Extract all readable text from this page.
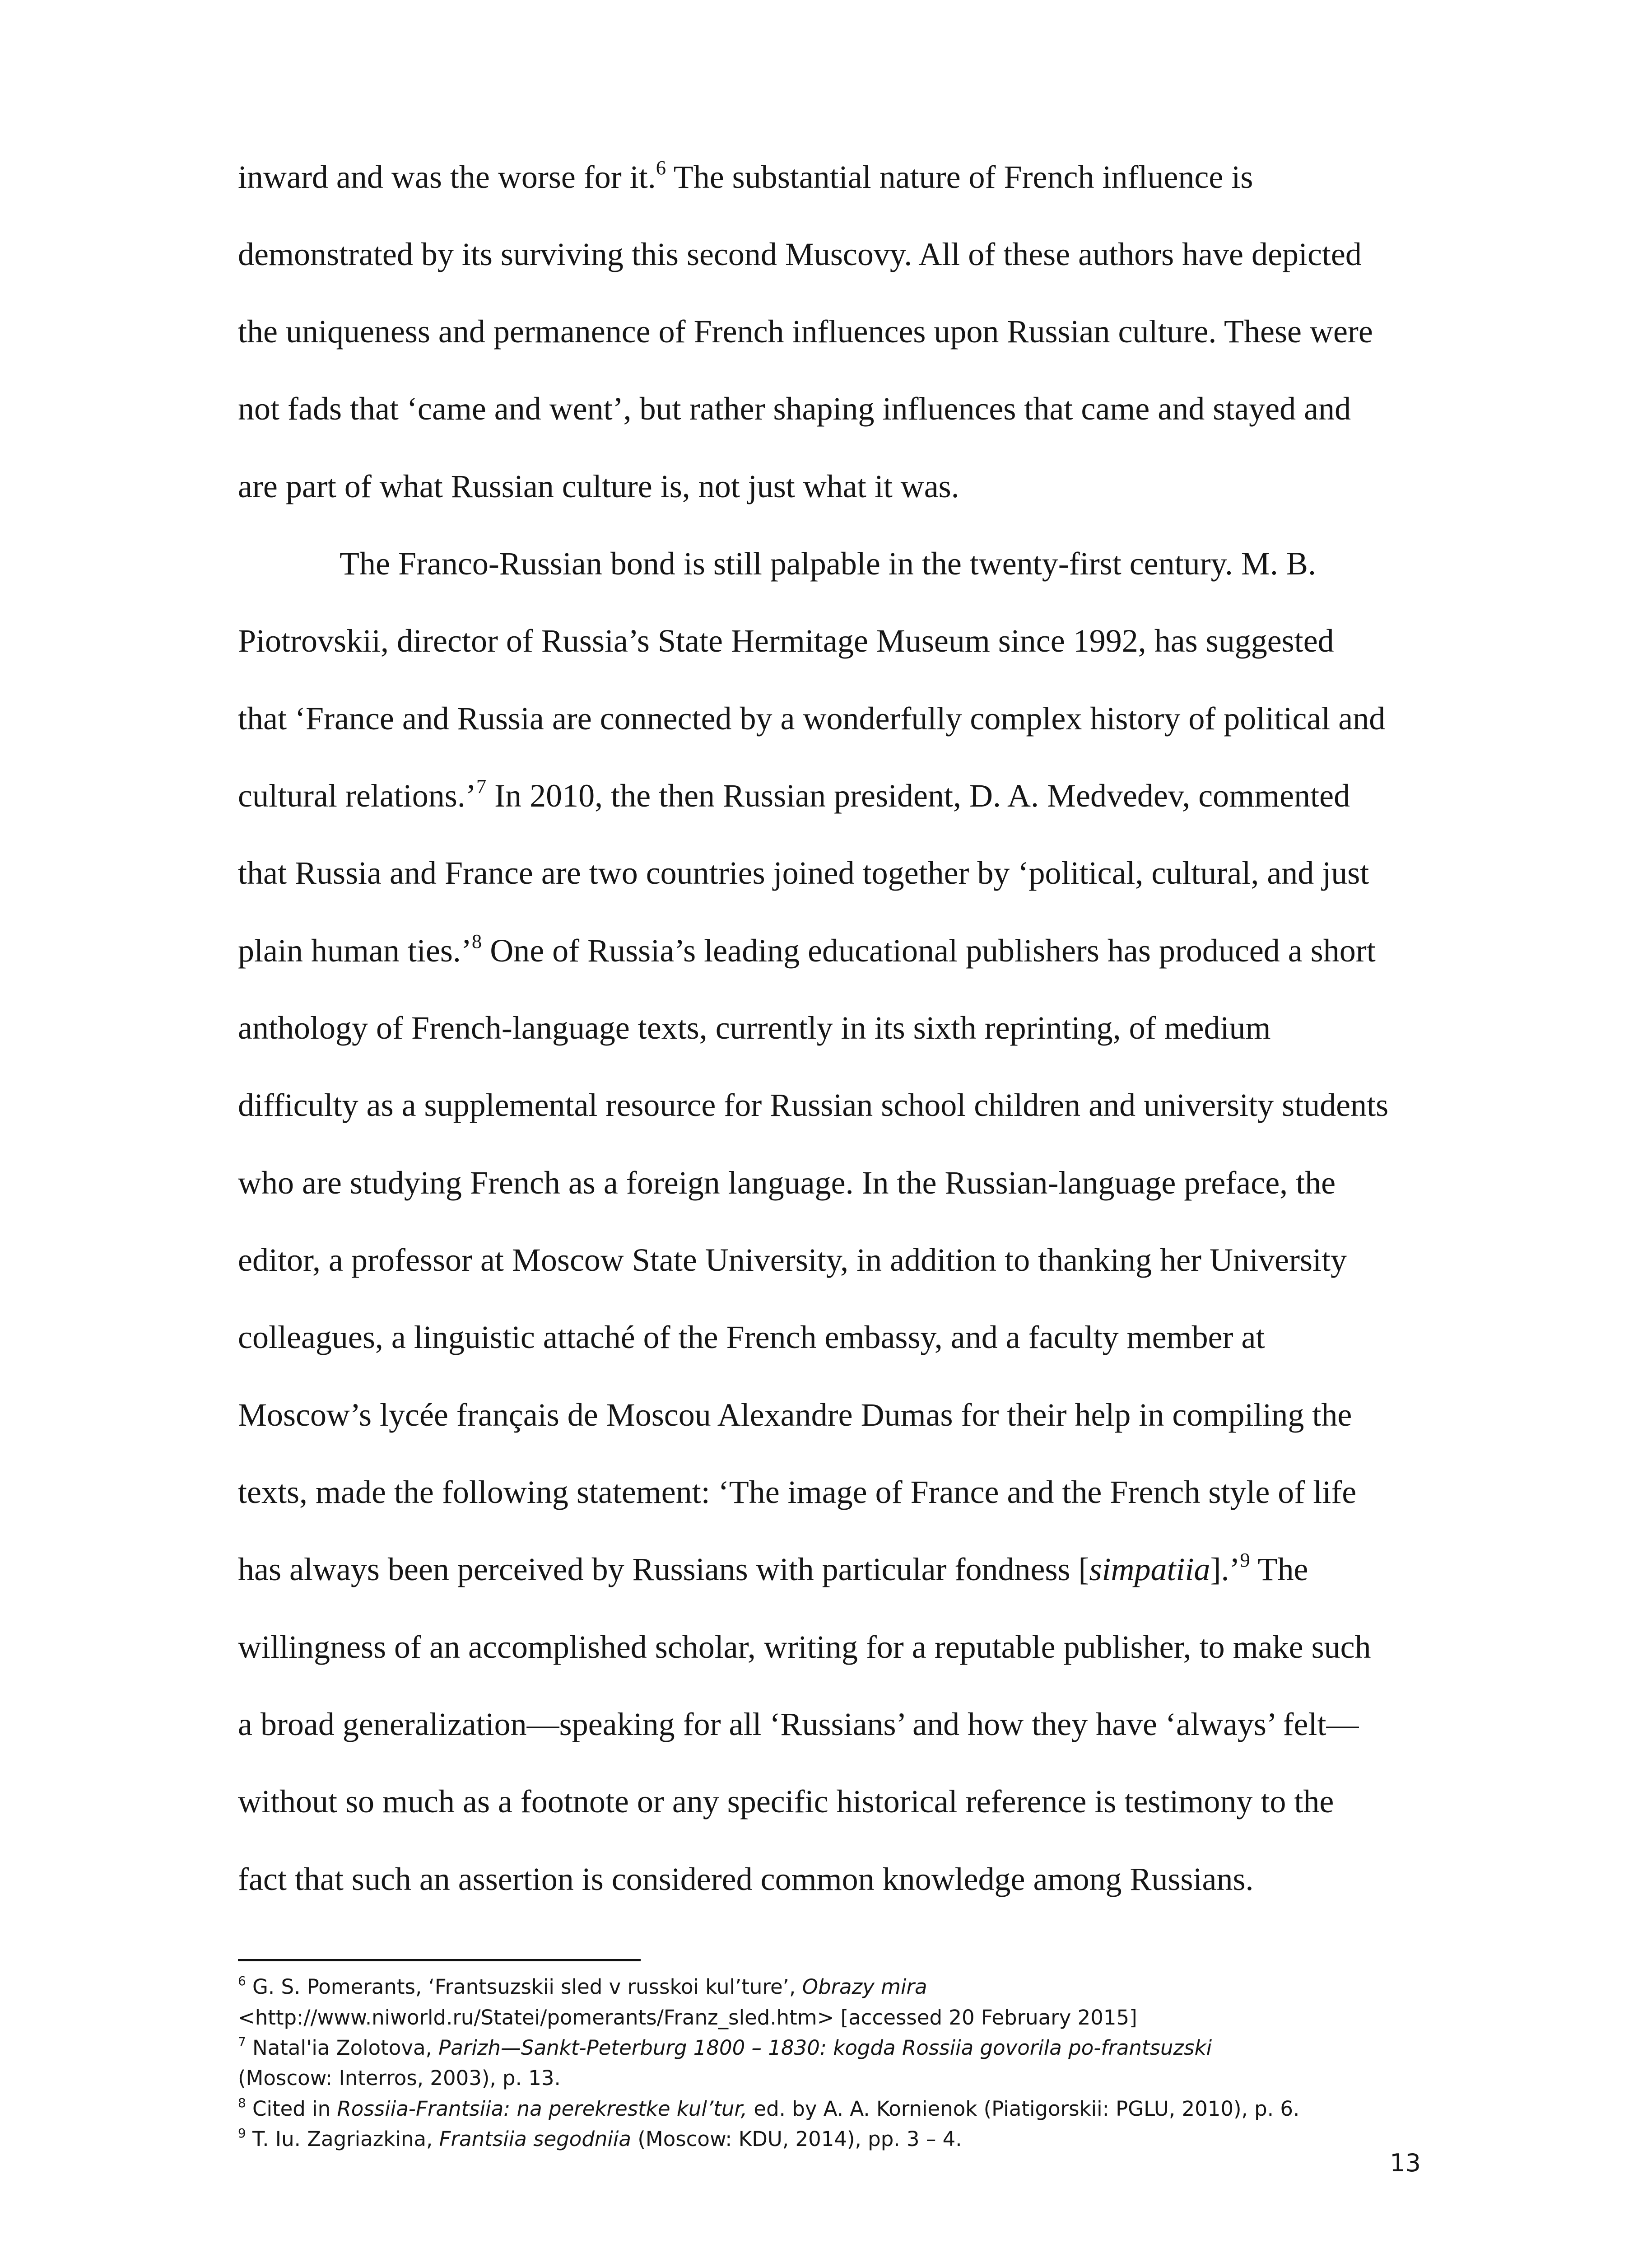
inward and was the worse for it.$^6$ The substantial nature of French influence is
demonstrated by its surviving this second Muscovy. All of these authors have depicted
the uniqueness and permanence of French influences upon Russian culture. These were
not fads that ‘came and went’, but rather shaping influences that came and stayed and
are part of what Russian culture is, not just what it was.
The Franco-Russian bond is still palpable in the twenty-first century. M. B.
Piotrovskii, director of Russia’s State Hermitage Museum since 1992, has suggested
that ‘France and Russia are connected by a wonderfully complex history of political and
cultural relations.’$^7$ In 2010, the then Russian president, D. A. Medvedev, commented
that Russia and France are two countries joined together by ‘political, cultural, and just
plain human ties.’$^8$ One of Russia’s leading educational publishers has produced a short
anthology of French-language texts, currently in its sixth reprinting, of medium
difficulty as a supplemental resource for Russian school children and university students
who are studying French as a foreign language. In the Russian-language preface, the
editor, a professor at Moscow State University, in addition to thanking her University
colleagues, a linguistic attaché of the French embassy, and a faculty member at
Moscow’s lycée français de Moscou Alexandre Dumas for their help in compiling the
texts, made the following statement: ‘The image of France and the French style of life
has always been perceived by Russians with particular fondness [simpatiia].’$^9$ The
willingness of an accomplished scholar, writing for a reputable publisher, to make such
a broad generalization—speaking for all ‘Russians’ and how they have ‘always’ felt—
without so much as a footnote or any specific historical reference is testimony to the
fact that such an assertion is considered common knowledge among Russians.
$^6$ G. S. Pomerants, ‘Frantsuzskii sled v russkoi kul’ture’, Obrazy mira
<http://www.niworld.ru/Statei/pomerants/Franz_sled.htm> [accessed 20 February 2015]
$^7$ Natal'ia Zolotova, Parizh—Sankt-Peterburg 1800 – 1830: kogda Rossiia govorila po-frantsuzski
(Moscow: Interros, 2003), p. 13.
$^8$ Cited in Rossiia-Frantsiia: na perekrestke kul’tur, ed. by A. A. Kornienok (Piatigorskii: PGLU, 2010), p. 6.
$^9$ T. Iu. Zagriazkina, Frantsiia segodniia (Moscow: KDU, 2014), pp. 3 – 4.
13
